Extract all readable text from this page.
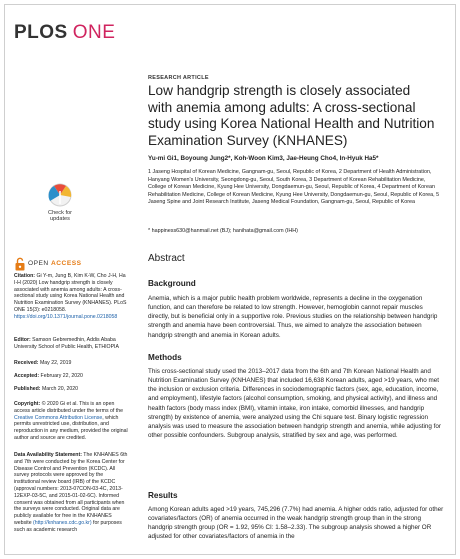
PLOS ONE
RESEARCH ARTICLE
Low handgrip strength is closely associated with anemia among adults: A cross-sectional study using Korea National Health and Nutrition Examination Survey (KNHANES)
Yu-mi Gi1, Boyoung Jung2*, Koh-Woon Kim3, Jae-Heung Cho4, In-Hyuk Ha5*
1 Jaseng Hospital of Korean Medicine, Gangnam-gu, Seoul, Republic of Korea, 2 Department of Health Administration, Hanyang Women's University, Seongdong-gu, Seoul, South Korea, 3 Department of Korean Rehabilitation Medicine, College of Korean Medicine, Kyung Hee University, Dongdaemun-gu, Seoul, Republic of Korea, 4 Department of Korean Rehabilitation Medicine, College of Korean Medicine, Kyung Hee University, Dongdaemun-gu, Seoul, Republic of Korea, 5 Jaseng Spine and Joint Research Institute, Jaseng Medical Foundation, Gangnam-gu, Seoul, Republic of Korea
* happiness630@hanmail.net (BJ); hanihata@gmail.com (IHH)
Check for
updates
OPEN ACCESS
Citation: Gi Y-m, Jung B, Kim K-W, Cho J-H, Ha I-H (2020) Low handgrip strength is closely associated with anemia among adults: A cross-sectional study using Korea National Health and Nutrition Examination Survey (KNHANES). PLoS ONE 15(3): e0218058. https://doi.org/10.1371/journal.pone.0218058
Editor: Samson Gebremedhin, Addis Ababa University School of Public Health, ETHIOPIA
Received: May 22, 2019
Accepted: February 22, 2020
Published: March 20, 2020
Copyright: © 2020 Gi et al. This is an open access article distributed under the terms of the Creative Commons Attribution License, which permits unrestricted use, distribution, and reproduction in any medium, provided the original author and source are credited.
Data Availability Statement: The KNHANES 6th and 7th were conducted by the Korea Center for Disease Control and Prevention (KCDC). All survey protocols were approved by the institutional review board (IRB) of the KCDC (approval numbers: 2013-07CON-03-4C, 2013-12EXP-03-5C, and 2015-01-02-6C). Informed consent was obtained from all participants when the surveys were conducted. Original data are publicly available for free in the KNHANES website (http://knhanes.cdc.go.kr) for purposes such as academic research
Abstract
Background
Anemia, which is a major public health problem worldwide, represents a decline in the oxygenation function, and can therefore be related to low strength. However, hemoglobin cannot repair muscles directly, but is beneficial only in a supportive role. Previous studies on the relationship between handgrip strength and anemia have been controversial. Thus, we aimed to analyze the association between handgrip strength and anemia in Korean adults.
Methods
This cross-sectional study used the 2013–2017 data from the 6th and 7th Korean National Health and Nutrition Examination Survey (KNHANES) that included 16,638 Korean adults, aged >19 years, who met the inclusion or exclusion criteria. Differences in sociodemographic factors (sex, age, education, income, and employment), lifestyle factors (alcohol consumption, smoking, and physical activity), and illness and health factors (body mass index (BMI), vitamin intake, iron intake, comorbid illnesses, and handgrip strength) by existence of anemia, were analyzed using the Chi square test. Binary logistic regression analysis was used to measure the association between handgrip strength and anemia, while adjusting for other possible confounders. Subgroup analysis, stratified by sex and age, was performed.
Results
Among Korean adults aged >19 years, 745,296 (7.7%) had anemia. A higher odds ratio, adjusted for other covariates/factors (OR) of anemia occurred in the weak handgrip strength group than in the strong handgrip strength group (OR = 1.92, 95% CI: 1.58–2.33). The subgroup analysis showed a higher OR adjusted for other covariates/factors of anemia in the
